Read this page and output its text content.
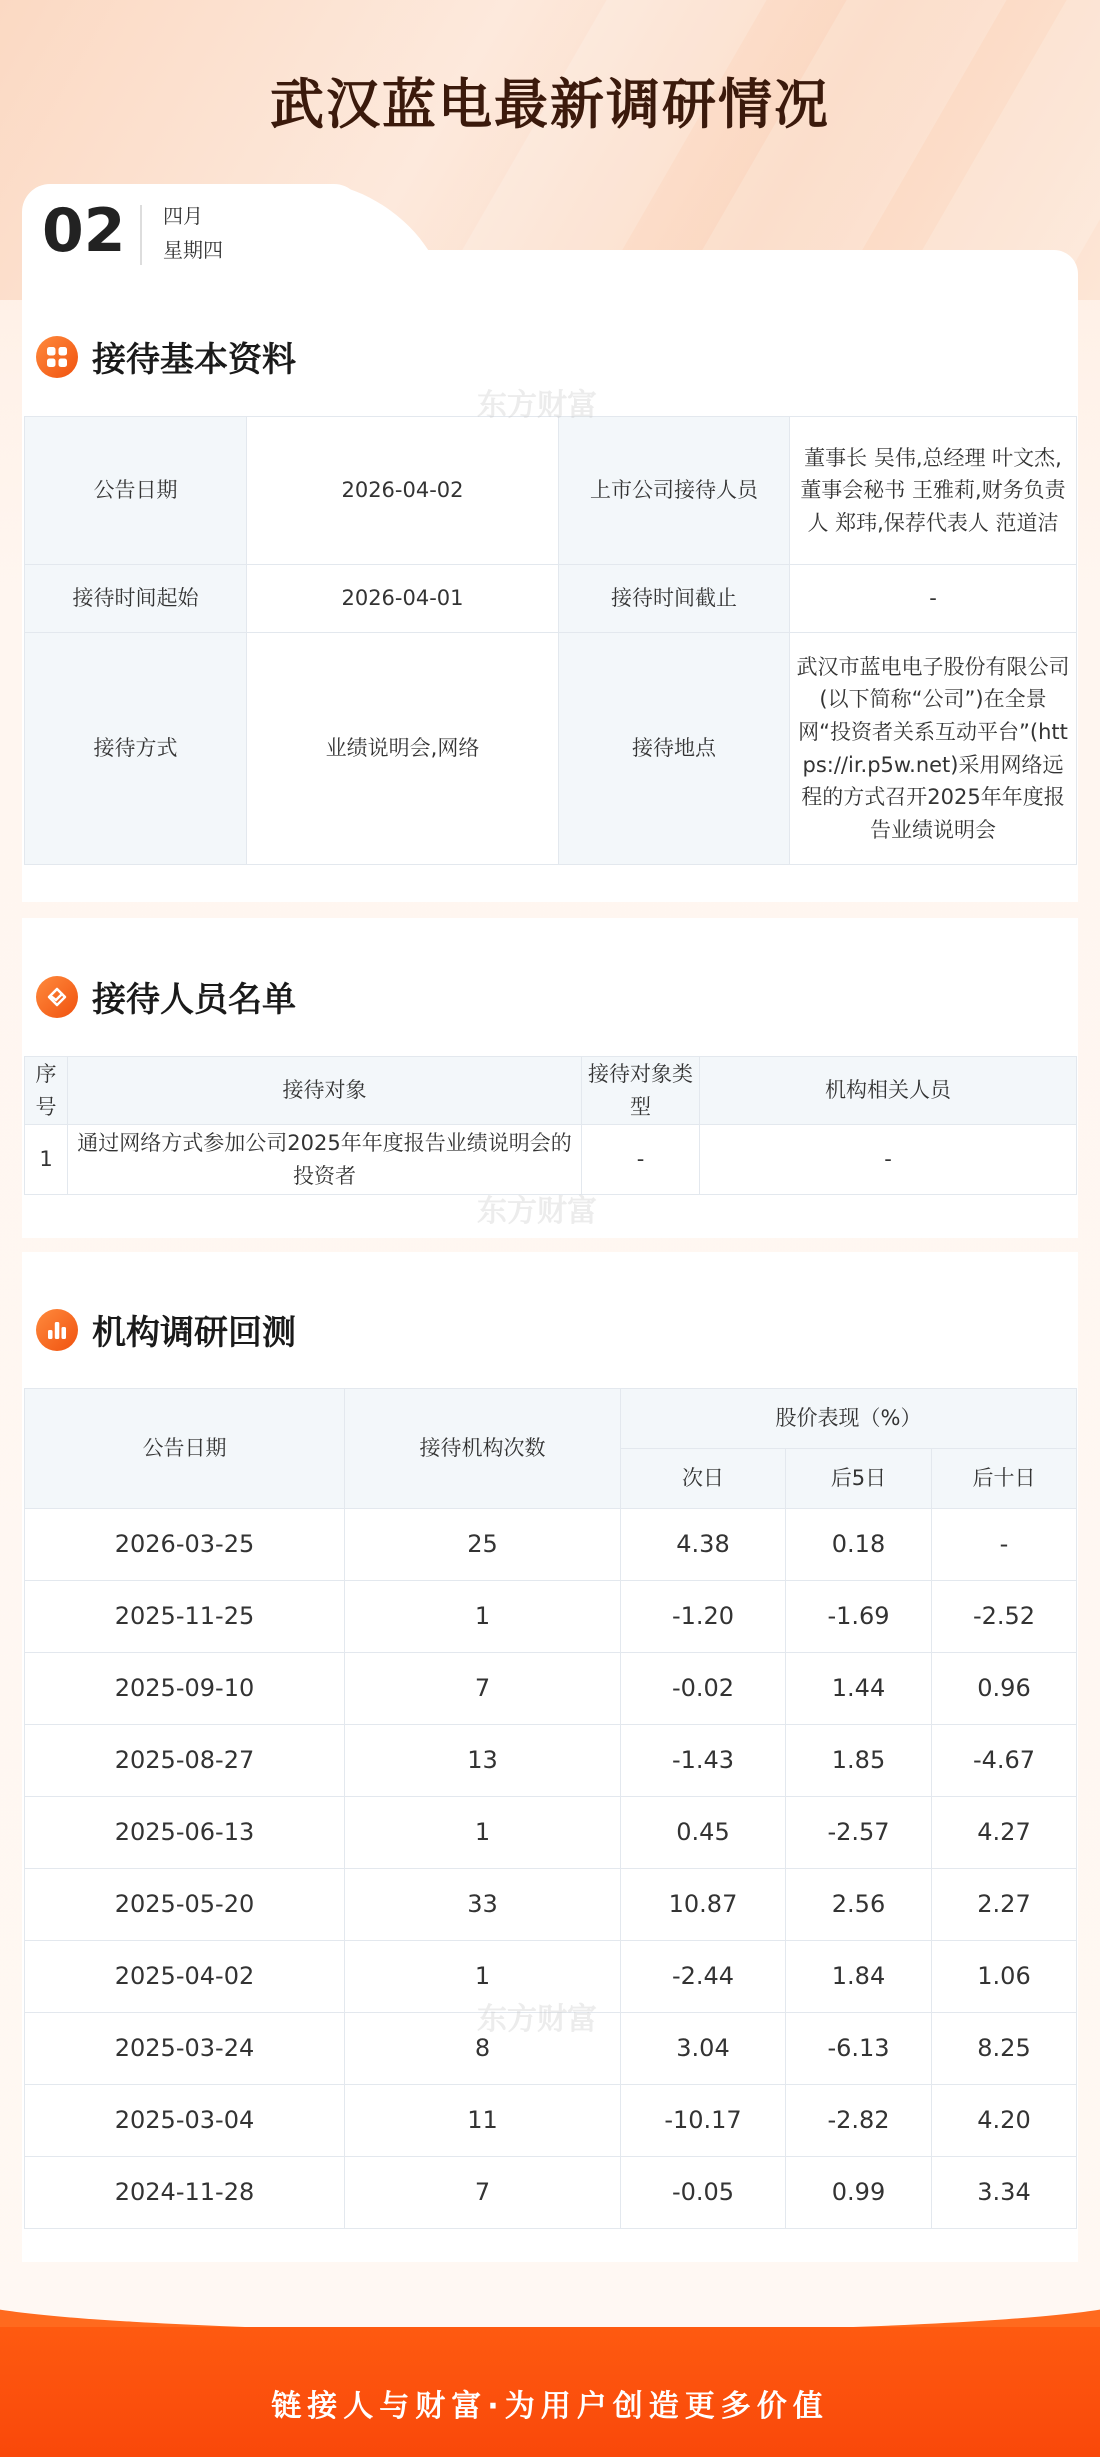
武汉蓝电最新调研情况
02 四月
星期四
接待基本资料
东方财富
公告日期	2026-04-02	上市公司接待人员	董事长 吴伟,总经理 叶文杰,董事会秘书 王雅莉,财务负责人 郑玮,保荐代表人 范道洁
接待时间起始	2026-04-01	接待时间截止	-
接待方式	业绩说明会,网络	接待地点	武汉市蓝电电子股份有限公司(以下简称“公司”)在全景网“投资者关系互动平台”(https://ir.p5w.net)采用网络远程的方式召开2025年年度报告业绩说明会
接待人员名单
序号	接待对象	接待对象类型	机构相关人员
1	通过网络方式参加公司2025年年度报告业绩说明会的投资者	-	-
东方财富
机构调研回测
公告日期	接待机构次数	股价表现（%）		
		次日	后5日	后十日
2026-03-25	25	4.38	0.18	-
2025-11-25	1	-1.20	-1.69	-2.52
2025-09-10	7	-0.02	1.44	0.96
2025-08-27	13	-1.43	1.85	-4.67
2025-06-13	1	0.45	-2.57	4.27
2025-05-20	33	10.87	2.56	2.27
2025-04-02	1	-2.44	1.84	1.06
2025-03-24	8	3.04	-6.13	8.25
2025-03-04	11	-10.17	-2.82	4.20
2024-11-28	7	-0.05	0.99	3.34
东方财富
链接人与财富·为用户创造更多价值
